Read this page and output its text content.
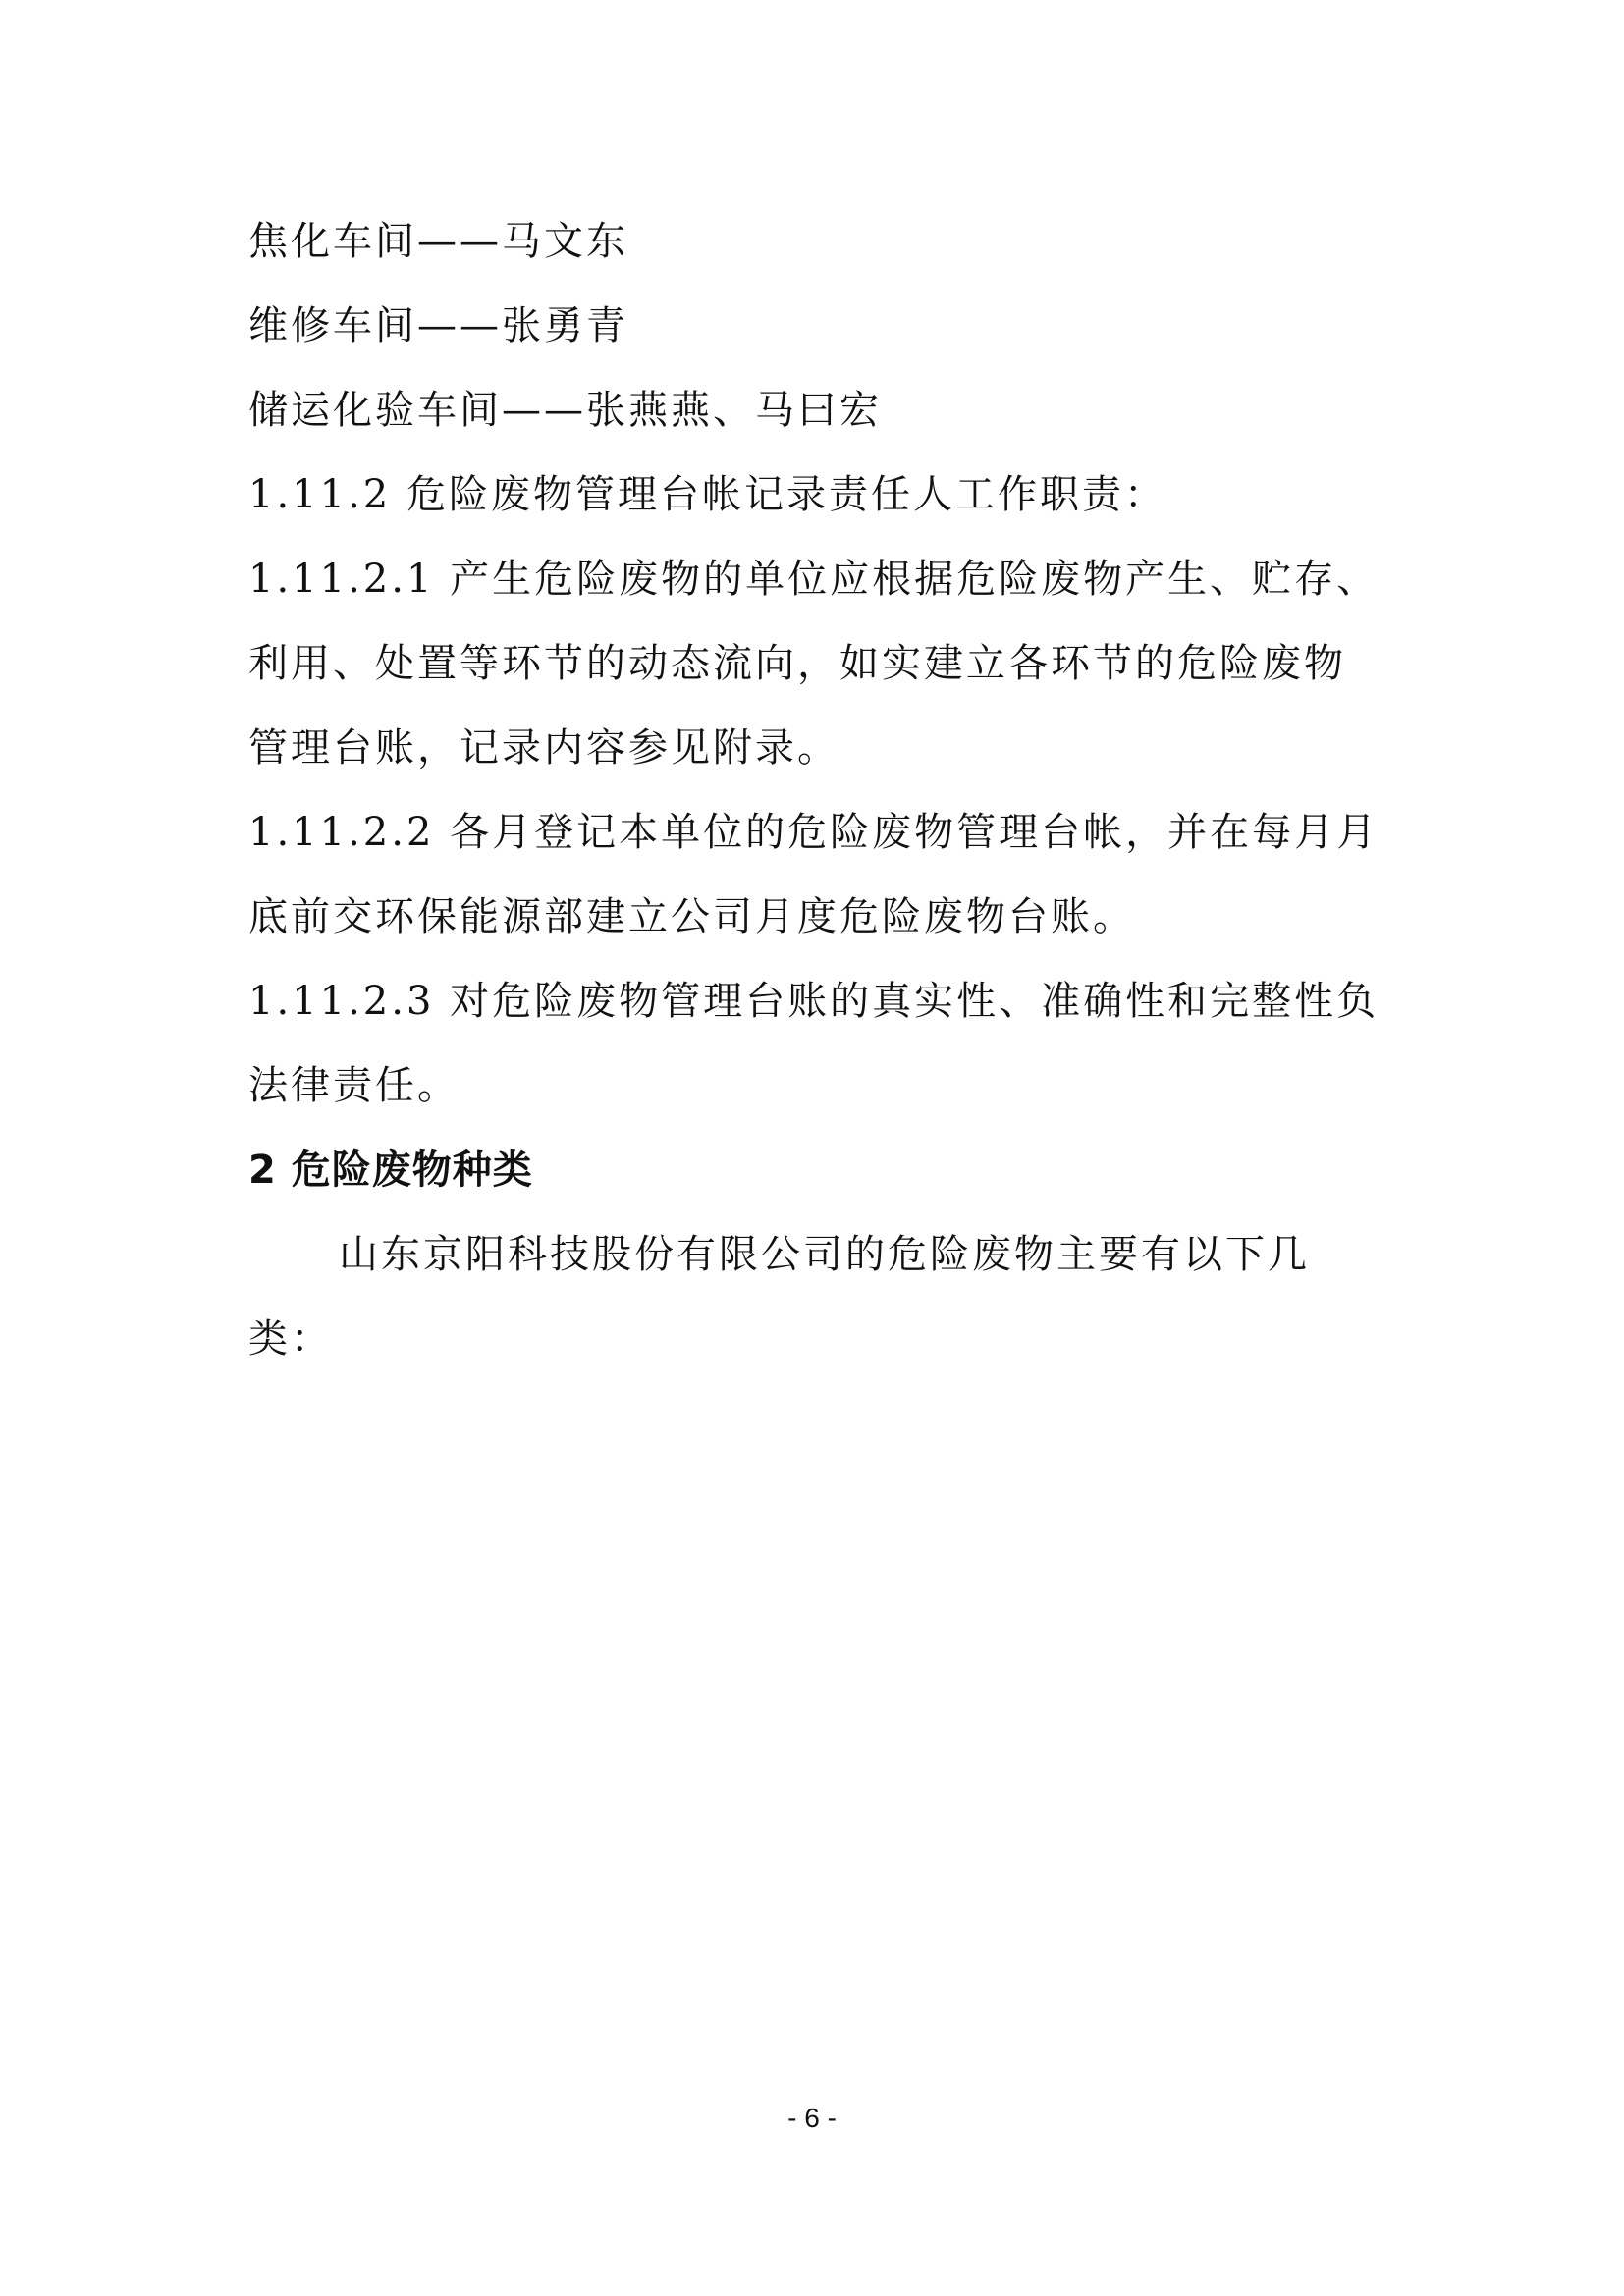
焦化车间——马文东
维修车间——张勇青
储运化验车间——张燕燕、马曰宏
1.11.2 危险废物管理台帐记录责任人工作职责：
1.11.2.1 产生危险废物的单位应根据危险废物产生、贮存、
利用、处置等环节的动态流向，如实建立各环节的危险废物
管理台账，记录内容参见附录。
1.11.2.2 各月登记本单位的危险废物管理台帐，并在每月月
底前交环保能源部建立公司月度危险废物台账。
1.11.2.3 对危险废物管理台账的真实性、准确性和完整性负
法律责任。
2 危险废物种类
山东京阳科技股份有限公司的危险废物主要有以下几
类：
- 6 -
